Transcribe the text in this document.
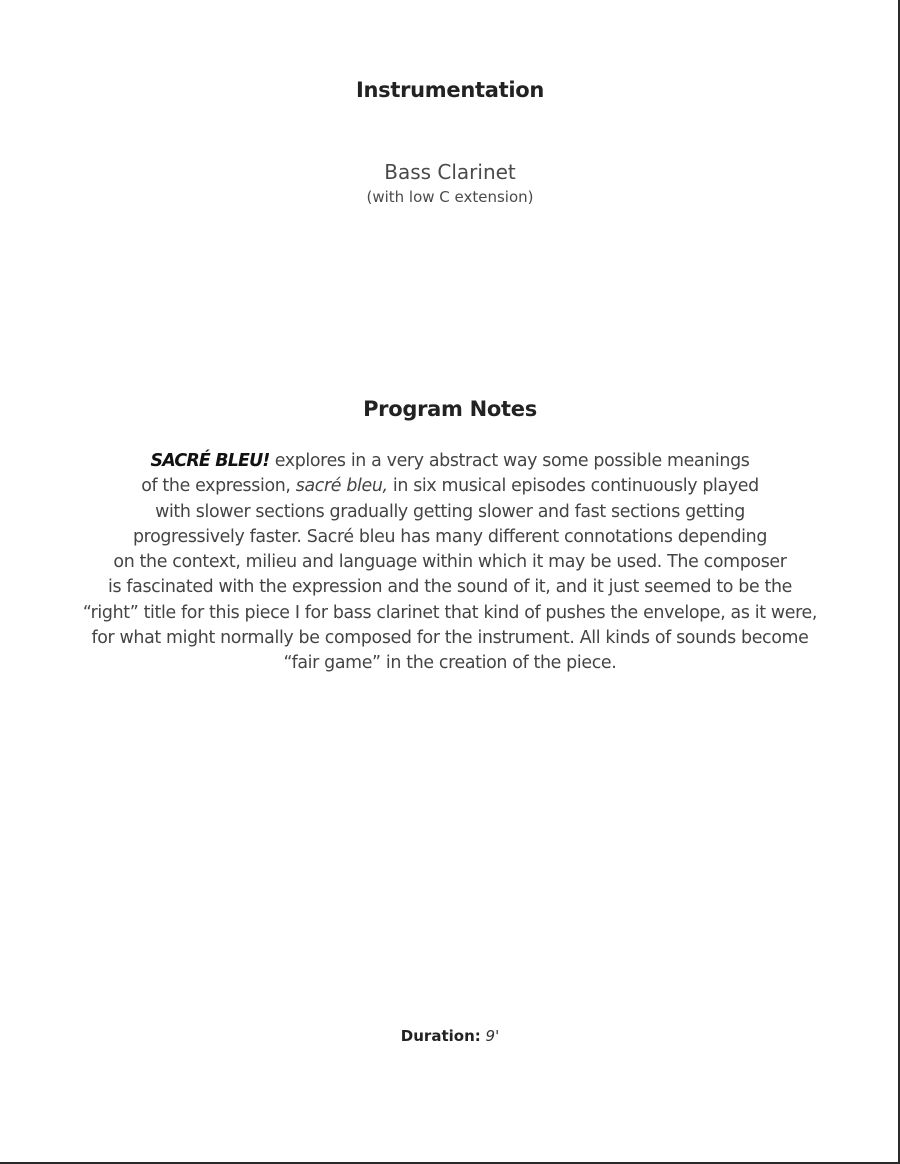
Instrumentation
Bass Clarinet
(with low C extension)
Program Notes
SACRÉ BLEU! explores in a very abstract way some possible meanings
of the expression, sacré bleu, in six musical episodes continuously played
with slower sections gradually getting slower and fast sections getting
progressively faster. Sacré bleu has many different connotations depending
on the context, milieu and language within which it may be used. The composer
is fascinated with the expression and the sound of it, and it just seemed to be the
“right” title for this piece I for bass clarinet that kind of pushes the envelope, as it were,
for what might normally be composed for the instrument. All kinds of sounds become
“fair game” in the creation of the piece.
Duration: 9'
